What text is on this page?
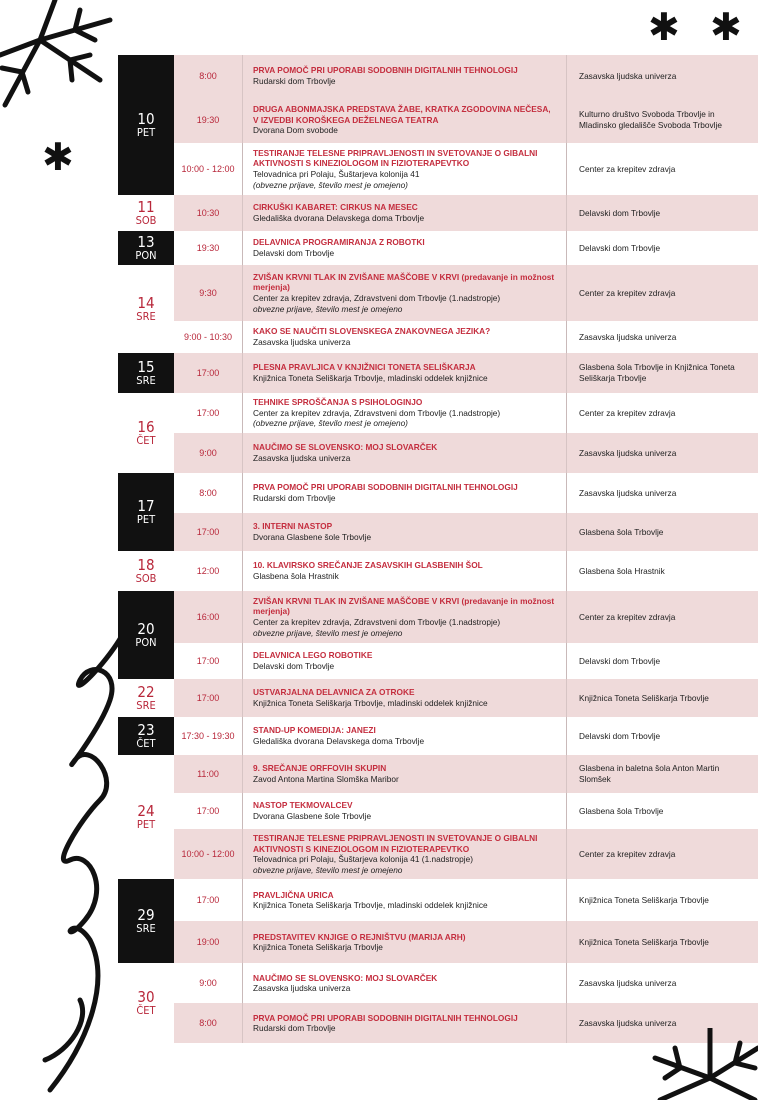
✱ ✱
✱
10
PET	8:00	PRVA POMOČ PRI UPORABI SODOBNIH DIGITALNIH TEHNOLOGIJ
Rudarski dom Trbovlje	Zasavska ljudska univerza
	19:30	DRUGA ABONMAJSKA PREDSTAVA ŽABE, KRATKA ZGODOVINA NEČESA, V IZVEDBI KOROŠKEGA DEŽELNEGA TEATRA
Dvorana Dom svobode	Kulturno društvo Svoboda Trbovlje in Mladinsko gledališče Svoboda Trbovlje
	10:00 - 12:00	TESTIRANJE TELESNE PRIPRAVLJENOSTI IN SVETOVANJE O GIBALNI AKTIVNOSTI S KINEZIOLOGOM IN FIZIOTERAPEVTKO
Telovadnica pri Polaju, Šuštarjeva kolonija 41
(obvezne prijave, število mest je omejeno)	Center za krepitev zdravja

11
SOB	10:30	CIRKUŠKI KABARET: CIRKUS NA MESEC
Gledališka dvorana Delavskega doma Trbovlje	Delavski dom Trbovlje

13
PON	19:30	DELAVNICA PROGRAMIRANJA Z ROBOTKI
Delavski dom Trbovlje	Delavski dom Trbovlje

14
SRE	9:30	ZVIŠAN KRVNI TLAK IN ZVIŠANE MAŠČOBE V KRVI (predavanje in možnost merjenja)
Center za krepitev zdravja, Zdravstveni dom Trbovlje (1.nadstropje)
obvezne prijave, število mest je omejeno	Center za krepitev zdravja
	9:00 - 10:30	KAKO SE NAUČITI SLOVENSKEGA ZNAKOVNEGA JEZIKA?
Zasavska ljudska univerza	Zasavska ljudska univerza

15
SRE	17:00	PLESNA PRAVLJICA V KNJIŽNICI TONETA SELIŠKARJA
Knjižnica Toneta Seliškarja Trbovlje, mladinski oddelek knjižnice	Glasbena šola Trbovlje in Knjižnica Toneta Seliškarja Trbovlje

16
ČET	17:00	TEHNIKE SPROŠČANJA S PSIHOLOGINJO
Center za krepitev zdravja, Zdravstveni dom Trbovlje (1.nadstropje)
(obvezne prijave, število mest je omejeno)	Center za krepitev zdravja
	9:00	NAUČIMO SE SLOVENSKO: MOJ SLOVARČEK
Zasavska ljudska univerza	Zasavska ljudska univerza

17
PET	8:00	PRVA POMOČ PRI UPORABI SODOBNIH DIGITALNIH TEHNOLOGIJ
Rudarski dom Trbovlje	Zasavska ljudska univerza
	17:00	3. INTERNI NASTOP
Dvorana Glasbene šole Trbovlje	Glasbena šola Trbovlje

18
SOB	12:00	10. KLAVIRSKO SREČANJE ZASAVSKIH GLASBENIH ŠOL
Glasbena šola Hrastnik	Glasbena šola Hrastnik

20
PON	16:00	ZVIŠAN KRVNI TLAK IN ZVIŠANE MAŠČOBE V KRVI (predavanje in možnost merjenja)
Center za krepitev zdravja, Zdravstveni dom Trbovlje (1.nadstropje)
obvezne prijave, število mest je omejeno	Center za krepitev zdravja
	17:00	DELAVNICA LEGO ROBOTIKE
Delavski dom Trbovlje	Delavski dom Trbovlje

22
SRE	17:00	USTVARJALNA DELAVNICA ZA OTROKE
Knjižnica Toneta Seliškarja Trbovlje, mladinski oddelek knjižnice	Knjižnica Toneta Seliškarja Trbovlje

23
ČET	17:30 - 19:30	STAND-UP KOMEDIJA: JANEZI
Gledališka dvorana Delavskega doma Trbovlje	Delavski dom Trbovlje

24
PET	11:00	9. SREČANJE ORFFOVIH SKUPIN
Zavod Antona Martina Slomška Maribor	Glasbena in baletna šola Anton Martin Slomšek
	17:00	NASTOP TEKMOVALCEV
Dvorana Glasbene šole Trbovlje	Glasbena šola Trbovlje
	10:00 - 12:00	TESTIRANJE TELESNE PRIPRAVLJENOSTI IN SVETOVANJE O GIBALNI AKTIVNOSTI S KINEZIOLOGOM IN FIZIOTERAPEVTKO
Telovadnica pri Polaju, Šuštarjeva kolonija 41 (1.nadstropje)
obvezne prijave, število mest je omejeno	Center za krepitev zdravja

29
SRE	17:00	PRAVLJIČNA URICA
Knjižnica Toneta Seliškarja Trbovlje, mladinski oddelek knjižnice	Knjižnica Toneta Seliškarja Trbovlje
	19:00	PREDSTAVITEV KNJIGE O REJNIŠTVU (MARIJA ARH)
Knjižnica Toneta Seliškarja Trbovlje	Knjižnica Toneta Seliškarja Trbovlje

30
ČET	9:00	NAUČIMO SE SLOVENSKO: MOJ SLOVARČEK
Zasavska ljudska univerza	Zasavska ljudska univerza
	8:00	PRVA POMOČ PRI UPORABI SODOBNIH DIGITALNIH TEHNOLOGIJ
Rudarski dom Trbovlje	Zasavska ljudska univerza
